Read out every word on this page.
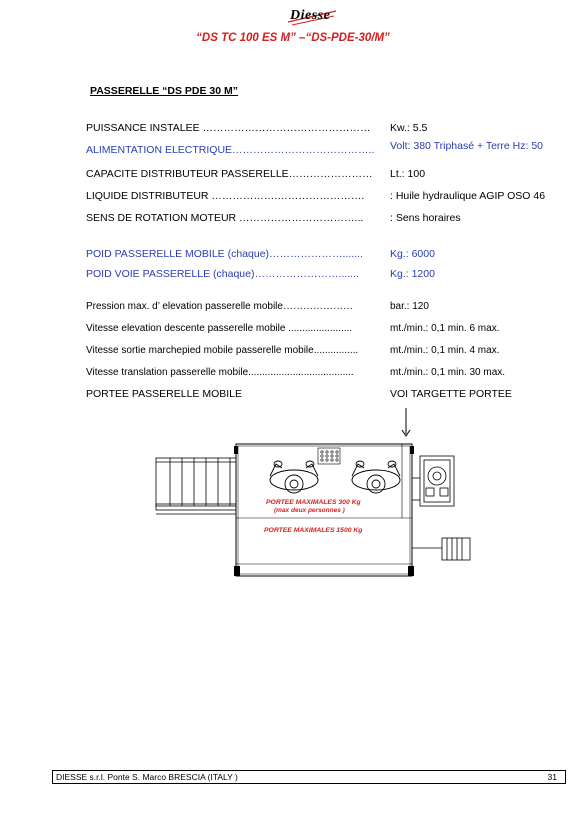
Diesse
“DS TC 100 ES M” –“DS-PDE-30/M”
PASSERELLE “DS PDE 30 M”
PUISSANCE INSTALEE ………………………………………… Kw.: 5.5
ALIMENTATION ELECTRIQUE………………………………….. Volt: 380 Triphasé + Terre Hz: 50
CAPACITE DISTRIBUTEUR PASSERELLE…………………… Lt.: 100
LIQUIDE DISTRIBUTEUR ……………….……………………. : Huile hydraulique AGIP OSO 46
SENS DE ROTATION MOTEUR ……………………………...	: Sens horaires
POID PASSERELLE MOBILE (chaque)………………….......	Kg.: 6000
POID VOIE PASSERELLE (chaque)…………………….......	Kg.: 1200
Pression max. d’ elevation passerelle mobile…………………	bar.: 120
Vitesse elevation descente passerelle mobile .......................	mt./min.: 0,1 min. 6 max.
Vitesse sortie marchepied mobile passerelle mobile................	mt./min.: 0,1 min. 4 max.
Vitesse translation passerelle mobile......................................	mt./min.: 0,1 min. 30 max.
PORTEE PASSERELLE MOBILE	VOI TARGETTE PORTEE
PORTEE MAXIMALES 300 Kg
(max deux personnes )
PORTEE MAXIMALES 1500 Kg
DIESSE s.r.l. Ponte S. Marco BRESCIA (ITALY )	31
